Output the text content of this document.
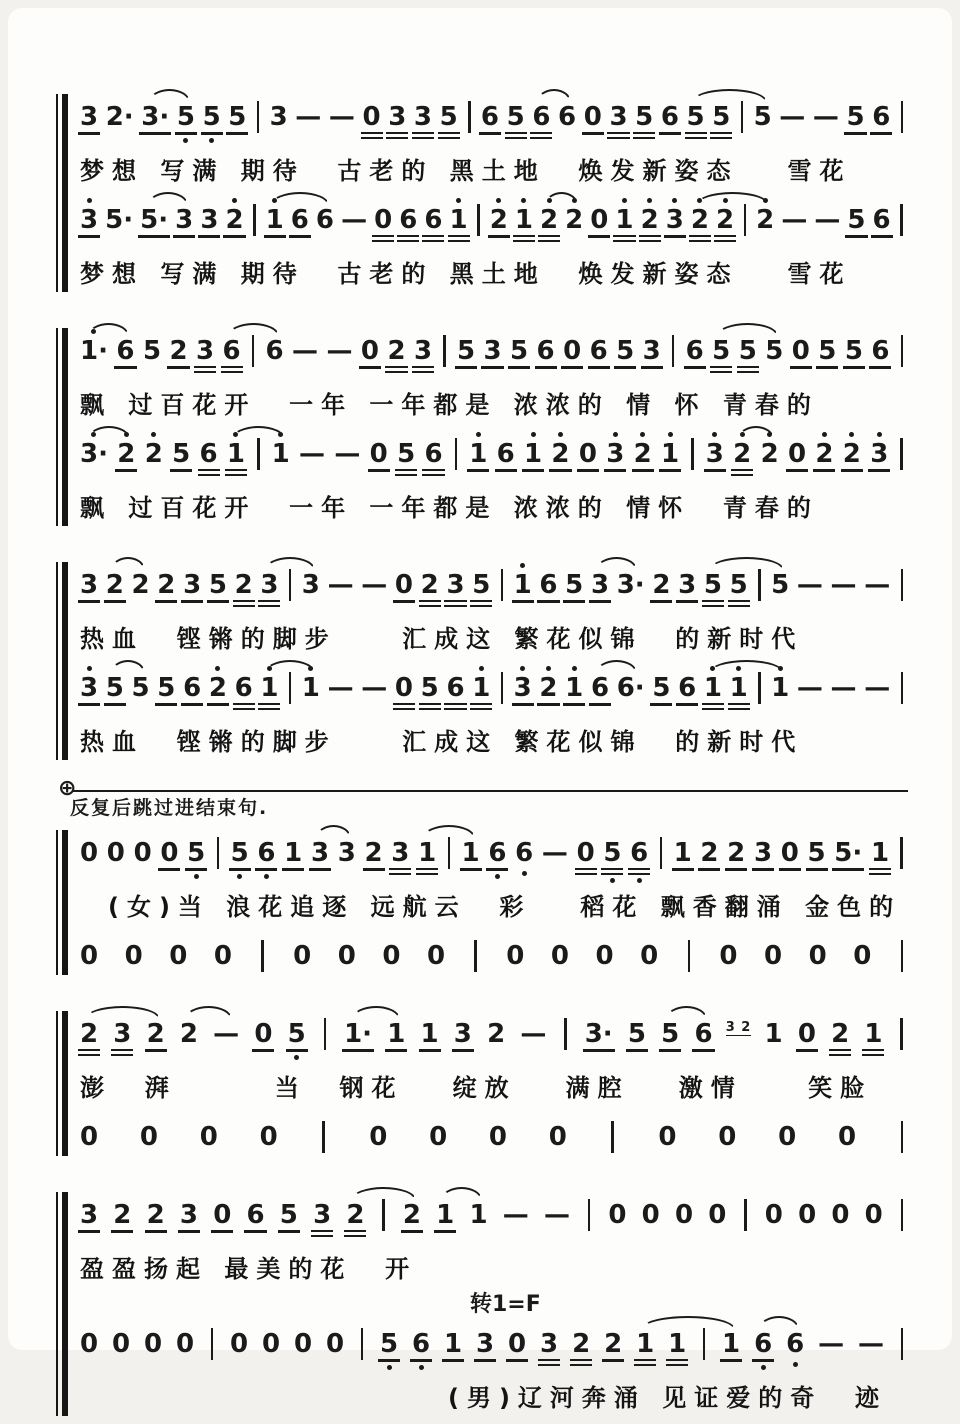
3 2· 3· 5 5 5 3 — — 0 3 3 5 6 5 6 6 0 3 5 6 5 5 5 — — 5 6
梦想 写满 期待  古老的 黑土地  焕发新姿态   雪花
3 5· 5· 3 3 2 1 6 6 — 0 6 6 1 2 1 2 2 0 1 2 3 2 2 2 — — 5 6
梦想 写满 期待  古老的 黑土地  焕发新姿态   雪花
1· 6 5 2 3 6 6 — — 0 2 3 5 3 5 6 0 6 5 3 6 5 5 5 0 5 5 6
飘 过百花开  一年 一年都是 浓浓的 情 怀 青春的
3· 2 2 5 6 1 1 — — 0 5 6 1 6 1 2 0 3 2 1 3 2 2 0 2 2 3
飘 过百花开  一年 一年都是 浓浓的 情怀  青春的
3 2 2 2 3 5 2 3 3 — — 0 2 3 5 1 6 5 3 3· 2 3 5 5 5 — — —
热血  铿锵的脚步    汇成这 繁花似锦  的新时代
3 5 5 5 6 2 6 1 1 — — 0 5 6 1 3 2 1 6 6· 5 6 1 1 1 — — —
热血  铿锵的脚步    汇成这 繁花似锦  的新时代
⊕
反复后跳过进结束句.
0 0 0 0 5 5 6 1 3 3 2 3 1 1 6 6 — 0 5 6 1 2 2 3 0 5 5· 1
(女)当 浪花追逐 远航云  彩   稻花 飘香翻涌 金色的
0 0 0 0 0 0 0 0 0 0 0 0 0 0 0 0
2 3 2 2 — 0 5 1· 1 1 3 2 — 3· 5 5 6 3 2 1 0 2 1
澎  湃      当  钢花   绽放   满腔   激情    笑脸
0 0 0 0	0 0 0 0	0 0 0 0
3 2 2 3 0 6 5 3 2 2 1 1 — — 0 0 0 0 0 0 0 0
盈盈扬起 最美的花  开
转1=F
0 0 0 0 0 0 0 0 5 6 1 3 0 3 2 2 1 1 1 6 6 — —
(男)辽河奔涌 见证爱的奇  迹
